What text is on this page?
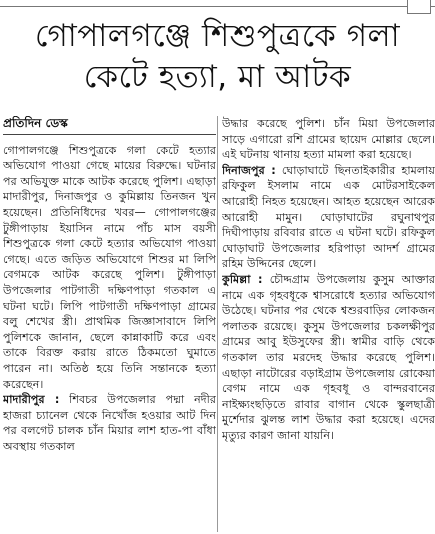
গোপালগঞ্জে শিশুপুত্রকে গলা
কেটে হত্যা, মা আটক
প্রতিদিন ডেস্ক

গোপালগঞ্জে শিশুপুত্রকে গলা কেটে হত্যার অভিযোগ পাওয়া গেছে মায়ের বিরুদ্ধে। ঘটনার পর অভিযুক্ত মাকে আটক করেছে পুলিশ। এছাড়া মাদারীপুর, দিনাজপুর ও কুমিল্লায় তিনজন খুন হয়েছেন। প্রতিনিধিদের খবর— গোপালগঞ্জের টুঙ্গীপাড়ায় ইয়াসিন নামে পাঁচ মাস বয়সী শিশুপুত্রকে গলা কেটে হত্যার অভিযোগ পাওয়া গেছে। এতে জড়িত অভিযোগে শিশুর মা লিপি বেগমকে আটক করেছে পুলিশ। টুঙ্গীপাড়া উপজেলার পাটগাতী দক্ষিণপাড়া গতকাল এ ঘটনা ঘটে। লিপি পাটগাতী দক্ষিণপাড়া গ্রামের বলু শেখের স্ত্রী। প্রাথমিক জিজ্ঞাসাবাদে লিপি পুলিশকে জানান, ছেলে কান্নাকাটি করে এবং তাকে বিরক্ত করায় রাতে ঠিকমতো ঘুমাতে পারেন না। অতিষ্ঠ হয়ে তিনি সন্তানকে হত্যা করেছেন।

মাদারীপুর : শিবচর উপজেলার পদ্মা নদীর হাজরা চ্যানেল থেকে নিখোঁজ হওয়ার আট দিন পর বলগেট চালক চাঁন মিয়ার লাশ হাত-পা বাঁধা অবস্থায় গতকাল

উদ্ধার করেছে পুলিশ। চাঁন মিয়া উপজেলার সাড়ে এগারো রশি গ্রামের ছায়েদ মোল্লার ছেলে। এই ঘটনায় থানায় হত্যা মামলা করা হয়েছে।

দিনাজপুর : ঘোড়াঘাটে ছিনতাইকারীর হামলায় রফিকুল ইসলাম নামে এক মোটরসাইকেল আরোহী নিহত হয়েছেন। আহত হয়েছেন আরেক আরোহী মামুন। ঘোড়াঘাটের রঘুনাথপুর দিঘীপাড়ায় রবিবার রাতে এ ঘটনা ঘটে। রফিকুল ঘোড়াঘাট উপজেলার হরিপাড়া আদর্শ গ্রামের রহিম উদ্দিনের ছেলে।

কুমিল্লা : চৌদ্দগ্রাম উপজেলায় কুসুম আক্তার নামে এক গৃহবধূকে শ্বাসরোধে হত্যার অভিযোগ উঠেছে। ঘটনার পর থেকে শ্বশুরবাড়ির লোকজন পলাতক রয়েছে। কুসুম উপজেলার চকলক্ষীপুর গ্রামের আবু ইউসুফের স্ত্রী। স্বামীর বাড়ি থেকে গতকাল তার মরদেহ উদ্ধার করেছে পুলিশ। এছাড়া নাটোরের বড়াইগ্রাম উপজেলায় রোকেয়া বেগম নামে এক গৃহবধূ ও বান্দরবানের নাইক্ষ্যংছড়িতে রাবার বাগান থেকে স্কুলছাত্রী মুর্শেদার ঝুলন্ত লাশ উদ্ধার করা হয়েছে। এদের মৃত্যুর কারণ জানা যায়নি।
